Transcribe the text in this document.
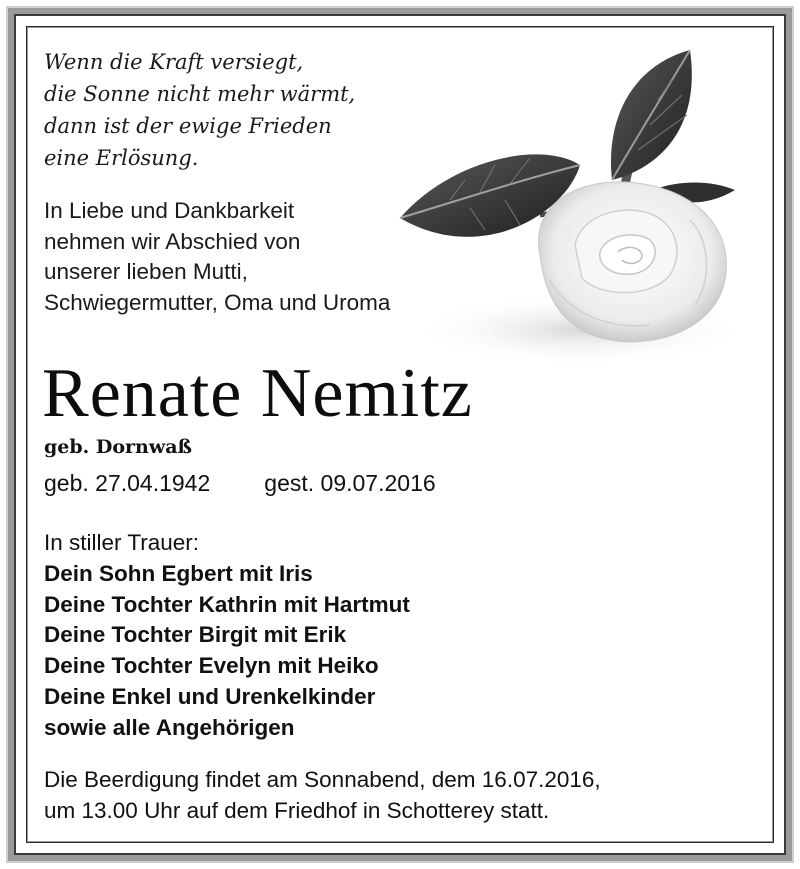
Wenn die Kraft versiegt,
die Sonne nicht mehr wärmt,
dann ist der ewige Frieden
eine Erlösung.
In Liebe und Dankbarkeit
nehmen wir Abschied von
unserer lieben Mutti,
Schwiegermutter, Oma und Uroma
Renate Nemitz
geb. Dornwaß
geb. 27.04.1942 gest. 09.07.2016
In stiller Trauer:
Dein Sohn Egbert mit Iris
Deine Tochter Kathrin mit Hartmut
Deine Tochter Birgit mit Erik
Deine Tochter Evelyn mit Heiko
Deine Enkel und Urenkelkinder
sowie alle Angehörigen
Die Beerdigung findet am Sonnabend, dem 16.07.2016,
um 13.00 Uhr auf dem Friedhof in Schotterey statt.
